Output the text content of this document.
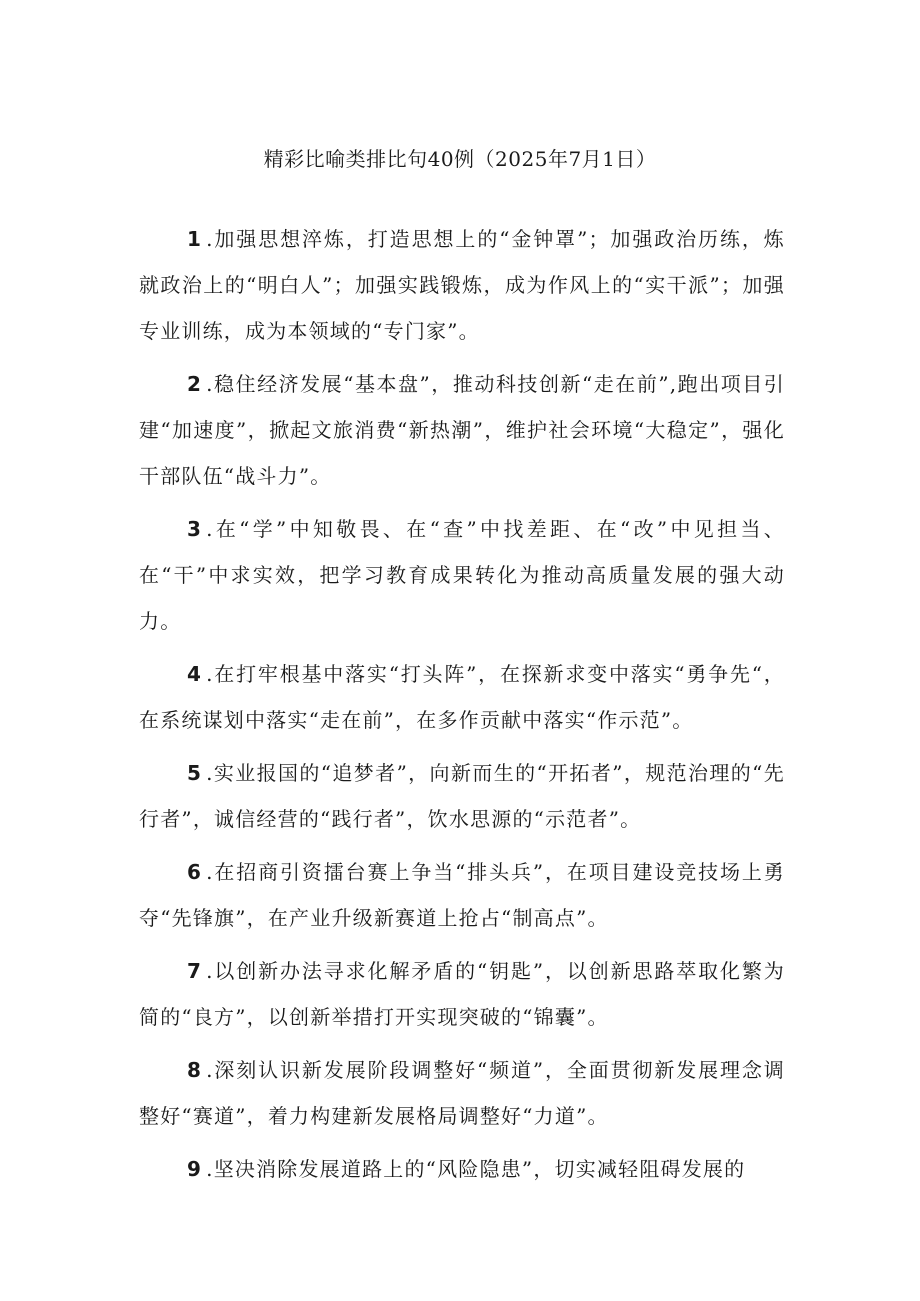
精彩比喻类排比句40例（2025年7月1日）

1 .加强思想淬炼，打造思想上的“金钟罩”；加强政治历练，炼就政治上的“明白人”；加强实践锻炼，成为作风上的“实干派”；加强专业训练，成为本领域的“专门家”。

2 .稳住经济发展“基本盘”，推动科技创新“走在前”,跑出项目引建“加速度”，掀起文旅消费“新热潮”，维护社会环境“大稳定”，强化干部队伍“战斗力”。

3 .在“学”中知敬畏、在“查”中找差距、在“改”中见担当、在“干”中求实效，把学习教育成果转化为推动高质量发展的强大动力。

4 .在打牢根基中落实“打头阵”，在探新求变中落实“勇争先“，在系统谋划中落实“走在前”，在多作贡献中落实“作示范”。

5 .实业报国的“追梦者”，向新而生的“开拓者”，规范治理的“先行者”，诚信经营的“践行者”，饮水思源的“示范者”。

6 .在招商引资擂台赛上争当“排头兵”，在项目建设竞技场上勇夺“先锋旗”，在产业升级新赛道上抢占“制高点”。

7 .以创新办法寻求化解矛盾的“钥匙”，以创新思路萃取化繁为简的“良方”，以创新举措打开实现突破的“锦囊”。

8 .深刻认识新发展阶段调整好“频道”，全面贯彻新发展理念调整好“赛道”，着力构建新发展格局调整好“力道”。

9 .坚决消除发展道路上的“风险隐患”，切实减轻阻碍发展的
